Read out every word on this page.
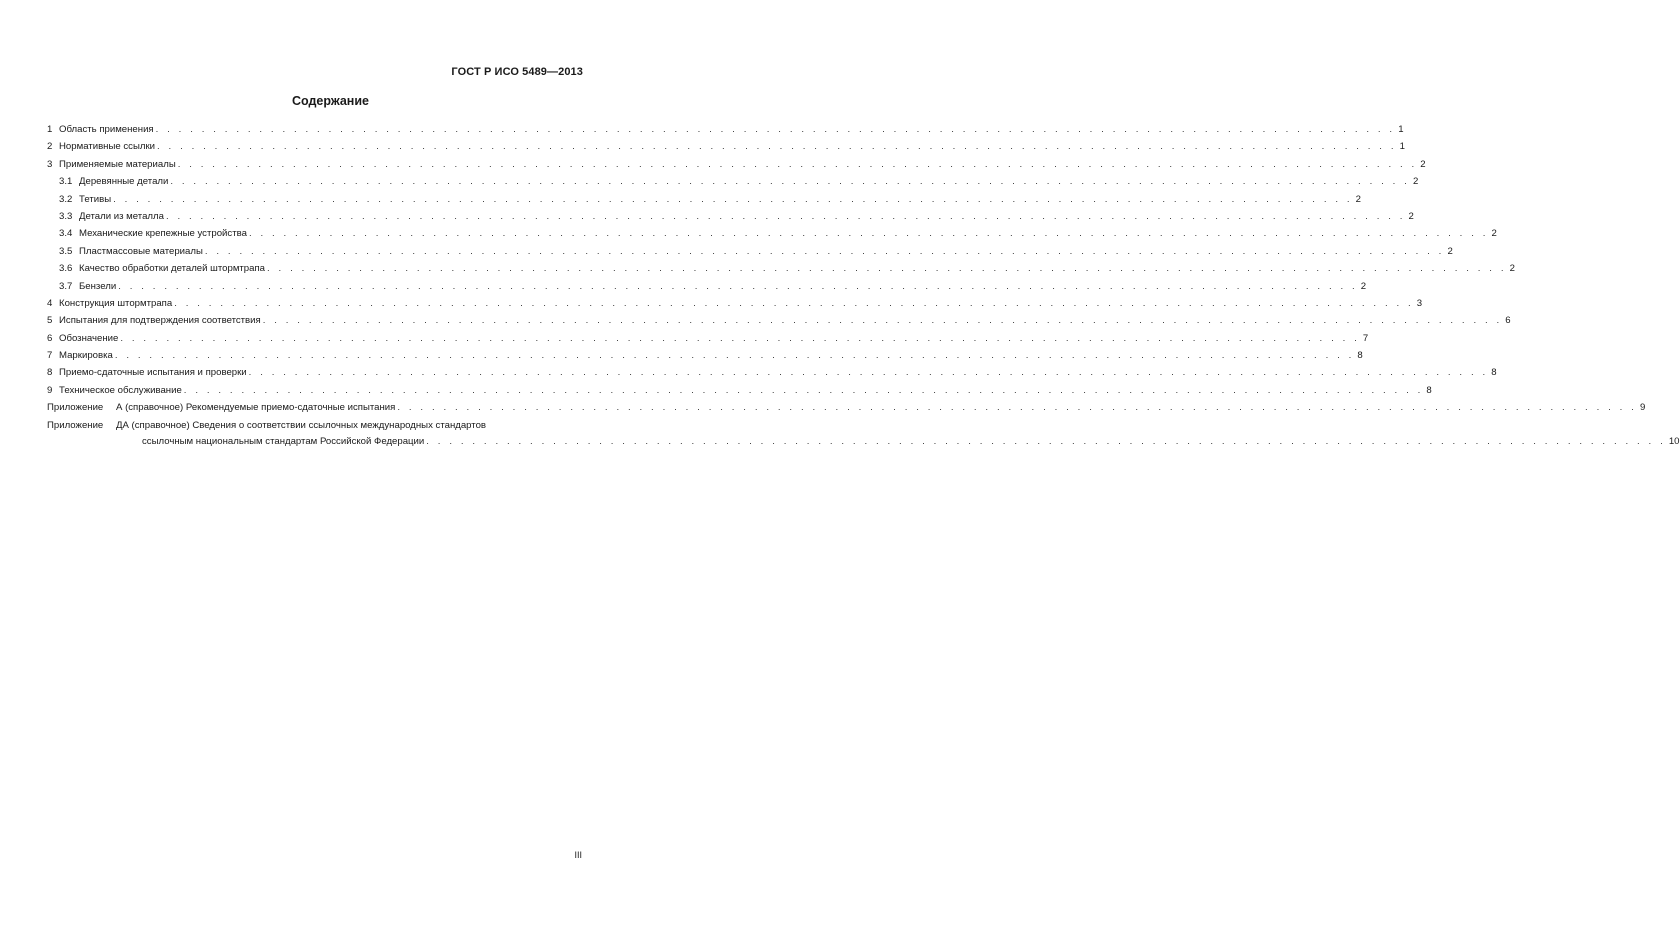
ГОСТ Р ИСО 5489—2013
Содержание
1 Область применения . . .	1
2 Нормативные ссылки . . .	1
3 Применяемые материалы . . .	2
3.1 Деревянные детали . . .	2
3.2 Тетивы . . .	2
3.3 Детали из металла . . .	2
3.4 Механические крепежные устройства . . .	2
3.5 Пластмассовые материалы . . .	2
3.6 Качество обработки деталей штормтрапа . . .	2
3.7 Бензели . . .	2
4 Конструкция штормтрапа . . .	3
5 Испытания для подтверждения соответствия . . .	6
6 Обозначение . . .	7
7 Маркировка . . .	8
8 Приемо-сдаточные испытания и проверки . . .	8
9 Техническое обслуживание . . .	8
Приложение	А (справочное) Рекомендуемые приемо-сдаточные испытания . . .	9
Приложение	ДА (справочное) Сведения о соответствии ссылочных международных стандартов
ссылочным национальным стандартам Российской Федерации . . .	10
III
